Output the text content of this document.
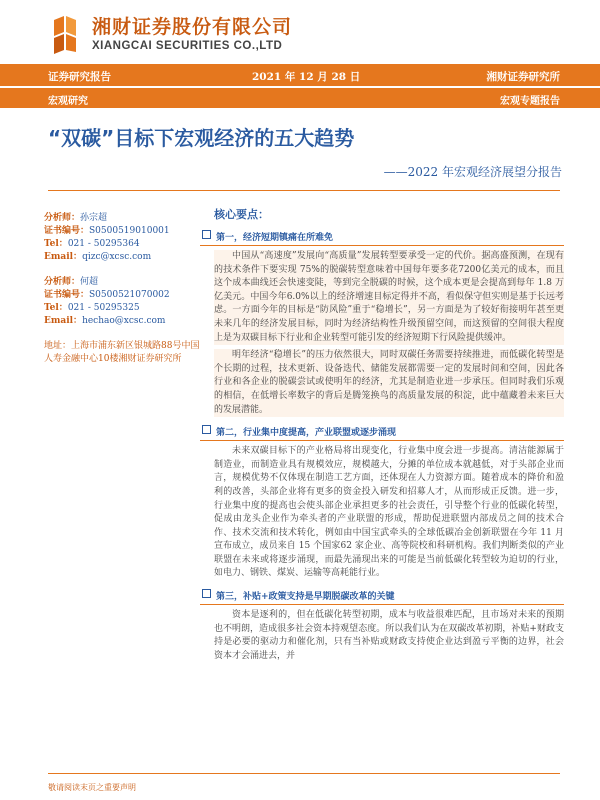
湘财证券股份有限公司
XIANGCAI SECURITIES CO.,LTD
证券研究报告	2021 年 12 月 28 日	湘财证券研究所
宏观研究	宏观专题报告
“双碳”目标下宏观经济的五大趋势
——2022 年宏观经济展望分报告
分析师：孙宗超
证书编号：S0500519010001
Tel：021 - 50295364
Email：qizc@xcsc.com
分析师：何超
证书编号：S0500521070002
Tel：021 - 50295325
Email：hechao@xcsc.com
地址：上海市浦东新区银城路88号中国人寿金融中心10楼湘财证券研究所
核心要点：
第一，经济短期镇痛在所难免

中国从“高速度”发展向“高质量”发展转型要承受一定的代价。据高盛预测，在现有的技术条件下要实现 75%的脱碳转型意味着中国每年要多花7200亿美元的成本，而且这个成本曲线还会快速变陡，等到完全脱碳的时候，这个成本更是会提高到每年 1.8 万亿美元。中国今年6.0%以上的经济增速目标定得并不高，看似保守但实则是基于长远考虑。一方面今年的目标是“防风险”重于“稳增长”，另一方面是为了较好衔接明年甚至更未来几年的经济发展目标，同时为经济结构性升级预留空间，而这预留的空间很大程度上是为双碳目标下行业和企业转型可能引发的经济短期下行风险提供缓冲。

明年经济“稳增长”的压力依然很大，同时双碳任务需要持续推进，而低碳化转型是个长期的过程，技术更新、设备迭代、储能发展都需要一定的发展时间和空间，因此各行业和各企业的脱碳尝试或使明年的经济，尤其是制造业进一步承压。但同时我们乐观的相信，在低增长率数字的背后是腾笼换鸟的高质量发展的积淀，此中蕴藏着未来巨大的发展潜能。

第二，行业集中度提高，产业联盟或逐步涌现

未来双碳目标下的产业格局将出现变化，行业集中度会进一步提高。清洁能源属于制造业，而制造业具有规模效应，规模越大，分摊的单位成本就越低，对于头部企业而言，规模优势不仅体现在制造工艺方面，还体现在人力资源方面。随着成本的降价和盈利的改善，头部企业将有更多的资金投入研发和招募人才，从而形成正反馈。进一步，行业集中度的提高也会使头部企业承担更多的社会责任，引导整个行业的低碳化转型，促成由龙头企业作为牵头者的产业联盟的形成，帮助促进联盟内部成员之间的技术合作、技术交流和技术转化，例如由中国宝武牵头的全球低碳冶金创新联盟在今年 11 月宣布成立，成员来自 15 个国家62 家企业、高等院校和科研机构。我们判断类似的产业联盟在未来或将逐步涌现，而最先涌现出来的可能是当前低碳化转型较为迫切的行业，如电力、钢铁、煤炭、运输等高耗能行业。

第三，补贴+政策支持是早期脱碳改革的关键

资本是逐利的，但在低碳化转型初期，成本与收益很难匹配，且市场对未来的预期也不明朗，造成很多社会资本持观望态度。所以我们认为在双碳改革初期，补贴+财政支持是必要的驱动力和催化剂，只有当补贴或财政支持使企业达到盈亏平衡的边界，社会资本才会涌进去，并

敬请阅读末页之重要声明
